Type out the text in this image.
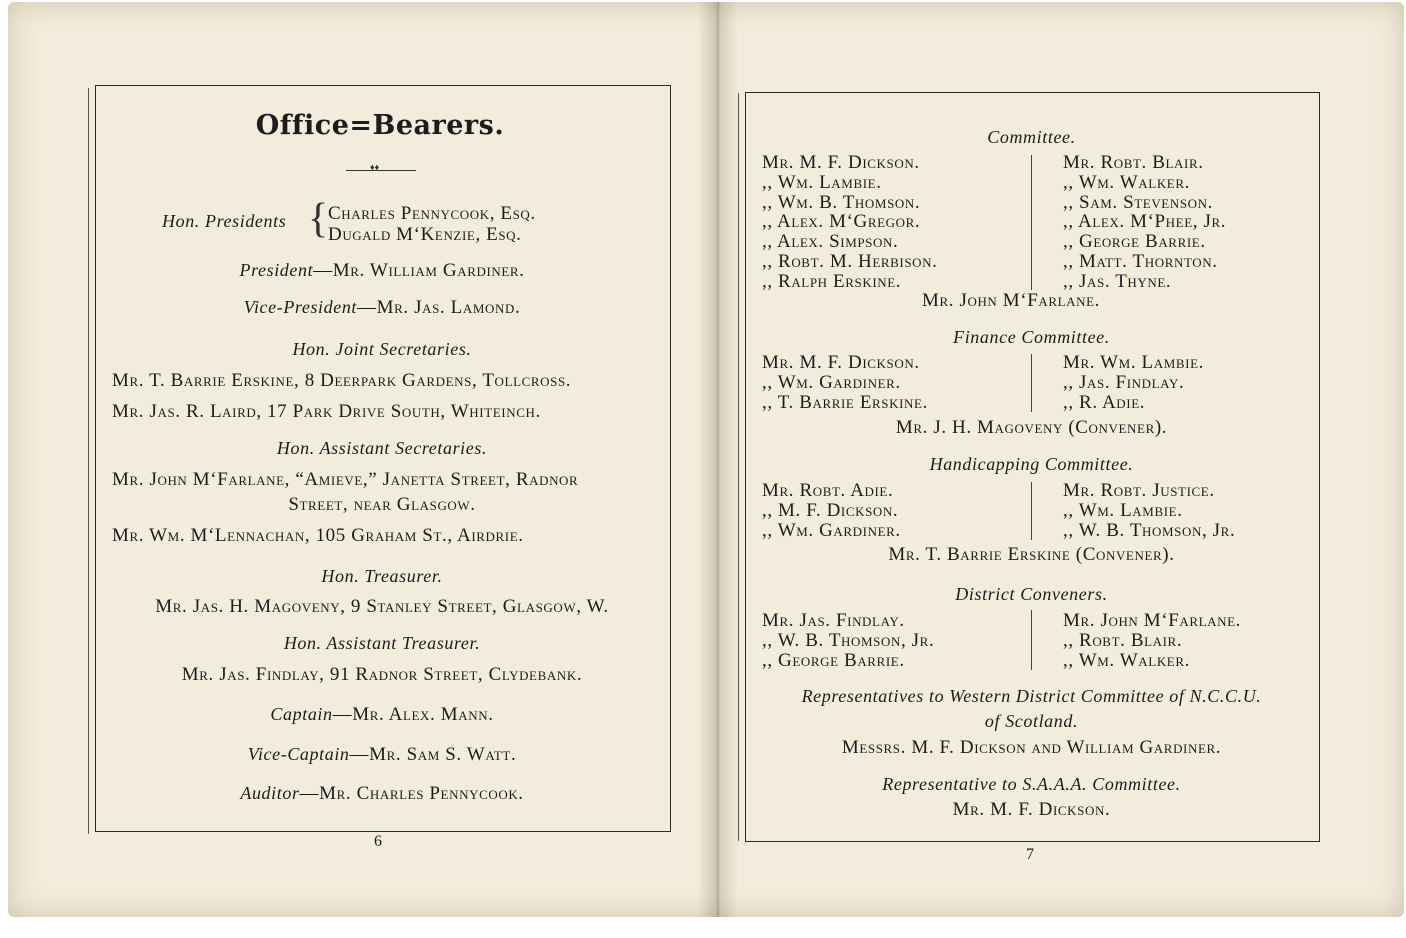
Office=Bearers.
♦♦
Hon. Presidents { Charles Pennycook, Esq.
Dugald M‘Kenzie, Esq.
President—Mr. William Gardiner.
Vice-President—Mr. Jas. Lamond.
Hon. Joint Secretaries.
Mr. T. Barrie Erskine, 8 Deerpark Gardens, Tollcross.
Mr. Jas. R. Laird, 17 Park Drive South, Whiteinch.
Hon. Assistant Secretaries.
Mr. John M‘Farlane, “Amieve,” Janetta Street, Radnor
Street, near Glasgow.
Mr. Wm. M‘Lennachan, 105 Graham St., Airdrie.
Hon. Treasurer.
Mr. Jas. H. Magoveny, 9 Stanley Street, Glasgow, W.
Hon. Assistant Treasurer.
Mr. Jas. Findlay, 91 Radnor Street, Clydebank.
Captain—Mr. Alex. Mann.
Vice-Captain—Mr. Sam S. Watt.
Auditor—Mr. Charles Pennycook.
6
Committee.
Mr. M. F. Dickson.
,, Wm. Lambie.
,, Wm. B. Thomson.
,, Alex. M‘Gregor.
,, Alex. Simpson.
,, Robt. M. Herbison.
,, Ralph Erskine.
Mr. Robt. Blair.
,, Wm. Walker.
,, Sam. Stevenson.
,, Alex. M‘Phee, Jr.
,, George Barrie.
,, Matt. Thornton.
,, Jas. Thyne.
Mr. John M‘Farlane.
Finance Committee.
Mr. M. F. Dickson.
,, Wm. Gardiner.
,, T. Barrie Erskine.
Mr. Wm. Lambie.
,, Jas. Findlay.
,, R. Adie.
Mr. J. H. Magoveny (Convener).
Handicapping Committee.
Mr. Robt. Adie.
,, M. F. Dickson.
,, Wm. Gardiner.
Mr. Robt. Justice.
,, Wm. Lambie.
,, W. B. Thomson, Jr.
Mr. T. Barrie Erskine (Convener).
District Conveners.
Mr. Jas. Findlay.
,, W. B. Thomson, Jr.
,, George Barrie.
Mr. John M‘Farlane.
,, Robt. Blair.
,, Wm. Walker.
Representatives to Western District Committee of N.C.C.U.
of Scotland.
Messrs. M. F. Dickson and William Gardiner.
Representative to S.A.A.A. Committee.
Mr. M. F. Dickson.
7
